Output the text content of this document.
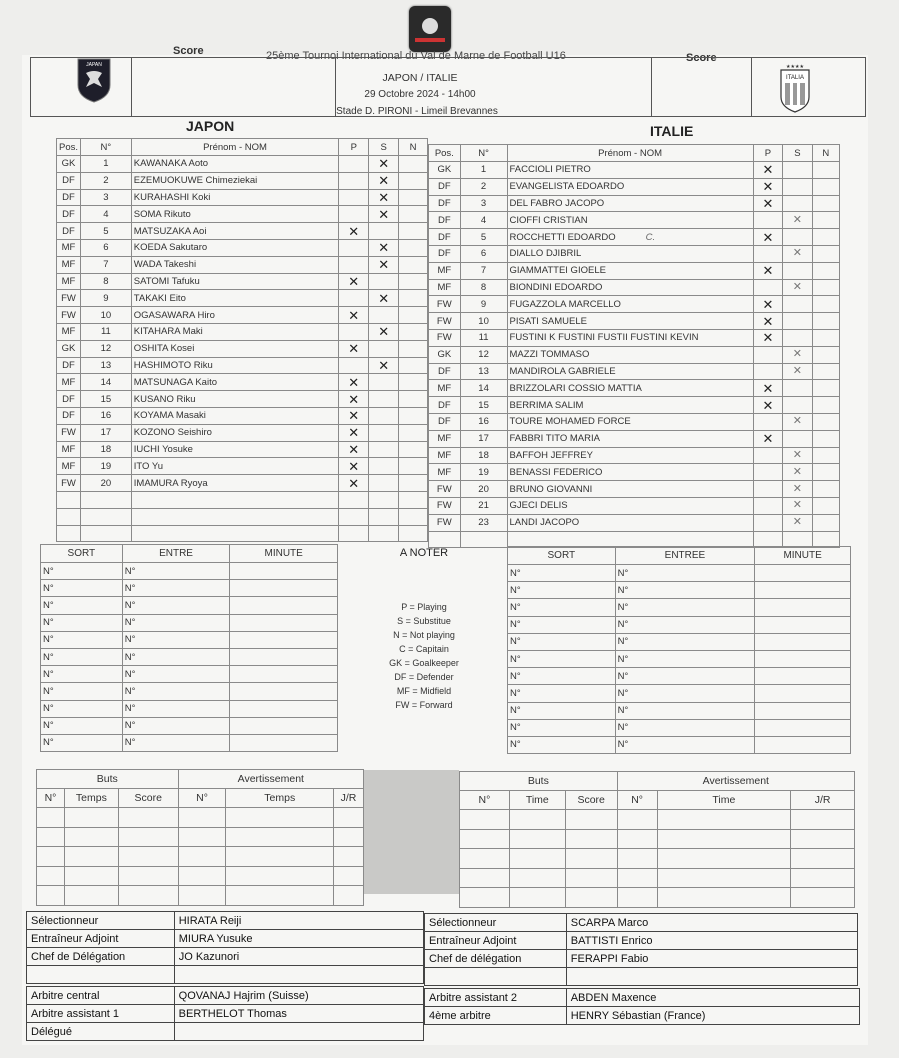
Score
Score
25ème Tournoi International du Val de Marne de Football U16
JAPON / ITALIE
29 Octobre 2024 - 14h00
Stade D. PIRONI - Limeil Brevannes
JAPAN	★★★★
ITALIA
JAPON	ITALIE
Pos.	N°	Prénom - NOM	P	S	N
GK	1	KAWANAKA Aoto		✕	
DF	2	EZEMUOKUWE Chimeziekai		✕	
DF	3	KURAHASHI Koki		✕	
DF	4	SOMA Rikuto		✕	
DF	5	MATSUZAKA Aoi	✕		
MF	6	KOEDA Sakutaro		✕	
MF	7	WADA Takeshi		✕	
MF	8	SATOMI Tafuku	✕		
FW	9	TAKAKI Eito		✕	
FW	10	OGASAWARA Hiro	✕		
MF	11	KITAHARA Maki		✕	
GK	12	OSHITA Kosei	✕		
DF	13	HASHIMOTO Riku		✕	
MF	14	MATSUNAGA Kaito	✕		
DF	15	KUSANO Riku	✕		
DF	16	KOYAMA Masaki	✕		
FW	17	KOZONO Seishiro	✕		
MF	18	IUCHI Yosuke	✕		
MF	19	ITO Yu	✕		
FW	20	IMAMURA Ryoya	✕		

Pos.	N°	Prénom - NOM	P	S	N
GK	1	FACCIOLI PIETRO	✕		
DF	2	EVANGELISTA EDOARDO	✕		
DF	3	DEL FABRO JACOPO	✕		
DF	4	CIOFFI CRISTIAN		✕	
DF	5	ROCCHETTI EDOARDO C.	✕		
DF	6	DIALLO DJIBRIL		✕	
MF	7	GIAMMATTEI GIOELE	✕		
MF	8	BIONDINI EDOARDO		✕	
FW	9	FUGAZZOLA MARCELLO	✕		
FW	10	PISATI SAMUELE	✕		
FW	11	FUSTINI K FUSTINI FUSTII FUSTINI KEVIN	✕		
GK	12	MAZZI TOMMASO		✕	
DF	13	MANDIROLA GABRIELE		✕	
MF	14	BRIZZOLARI COSSIO MATTIA	✕		
DF	15	BERRIMA SALIM	✕		
DF	16	TOURE MOHAMED FORCE		✕	
MF	17	FABBRI TITO MARIA	✕		
MF	18	BAFFOH JEFFREY		✕	
MF	19	BENASSI FEDERICO		✕	
FW	20	BRUNO GIOVANNI		✕	
FW	21	GJECI DELIS		✕	
FW	23	LANDI JACOPO		✕	

SORT	ENTRE	MINUTE
N°	N°	
N°	N°	
N°	N°	
N°	N°	
N°	N°	
N°	N°	
N°	N°	
N°	N°	
N°	N°	
N°	N°	
N°	N°	
A NOTER
P = Playing
S = Substitue
N = Not playing
C = Capitain
GK = Goalkeeper
DF = Defender
MF = Midfield
FW = Forward
SORT	ENTREE	MINUTE
N°	N°	
N°	N°	
N°	N°	
N°	N°	
N°	N°	
N°	N°	
N°	N°	
N°	N°	
N°	N°	
N°	N°	
N°	N°	
Buts			Avertissement		
N°	Temps	Score	N°	Temps	J/R

Buts			Avertissement		
N°	Time	Score	N°	Time	J/R

Sélectionneur	HIRATA Reiji
Entraîneur Adjoint	MIURA Yusuke
Chef de Délégation	JO Kazunori

Sélectionneur	SCARPA Marco
Entraîneur Adjoint	BATTISTI Enrico
Chef de délégation	FERAPPI Fabio

Arbitre central	QOVANAJ Hajrim (Suisse)
Arbitre assistant 1	BERTHELOT Thomas
Délégué	
Arbitre assistant 2	ABDEN Maxence
4ème arbitre	HENRY Sébastian (France)
